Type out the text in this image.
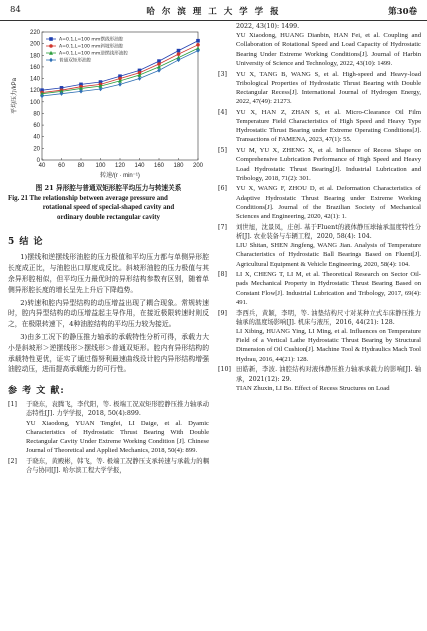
84	哈 尔 滨 理 工 大 学 学 报	第30卷
0
20
40
60
80
100
120
140
160
180
200
220
40 60 80 100 120 140 160 180 200
转速/(r · min⁻¹)
平均压力/kPa
A=0.1,L=100 mm摆线形油腔
A=0.1,L=100 mm斜坡形油腔
A=0.1,L=100 mm逆摆线形油腔
普通双矩形油腔

图 21 异形腔与普通双矩形腔平均压力与转速关系

Fig. 21 The relationship between average pressure and

rotational speed of special-shaped cavity and

ordinary double rectangular cavity

5 结 论

1)摆线和逆摆线形油腔的压力极值和平均压力都与单侧异形腔长度成正比，与油腔出口厚度成反比。斜坡形油腔的压力极值与其余异形腔相似，但平均压力最优时的异形结构参数有区别，随着单侧异形腔长度的增长呈先上升后下降趋势。

2)转速和腔内异型结构的动压增益出现了耦合现象。常规转速时，腔内异型结构的动压增益起主导作用，在接近极限转速时则反之，在极限转速下，4种油腔结构的平均压力较为接近。

3)由多工况下的静压推力轴承的承载特性分析可得，承载力大小是斜坡形＞逆摆线形＞摆线形＞普通双矩形。腔内有异形结构的承载特性更优，证实了通过偕努利最速曲线设计腔内异形结构增强油腔动压，进而提高承载能力的可行性。

参 考 文 献:
[1] 于晓东，袁腾飞，李代阳，等. 极端工况双矩形腔静压推力轴承动态特性[J]. 力学学报，2018, 50(4):899.
YU Xiaodong, YUAN Tengfei, LI Daige, et al. Dyamic Characteristics of Hydrostatic Thrust Bearing With Double Rectangular Cavity Under Extreme Working Condition [J]. Chinese Journal of Theoretical and Applied Mechanics, 2018, 50(4): 899.
[2] 于晓东，黄殿彬，韩飞，等. 极端工况静压支承转速与承载力的耦合与协同[J]. 哈尔滨工程大学学报，
2022, 43(10): 1499.
YU Xiaodong, HUANG Dianbin, HAN Fei, et al. Coupling and Collaboration of Rotational Speed and Load Capacity of Hydrostatic Bearing Under Extreme Working Conditions[J]. Journal of Harbin University of Science and Technology, 2022, 43(10): 1499.
[3] YU X, TANG B, WANG S, et al. High-speed and Heavy-load Tribological Properties of Hydrostatic Thrust Bearing with Double Rectangular Recess[J]. International Journal of Hydrogen Energy, 2022, 47(49): 21273.
[4] YU X, HAN Z, ZHAN S, et al. Micro-Clearance Oil Film Temperature Field Characteristics of High Speed and Heavy Type Hydrostatic Thrust Bearing under Extreme Operating Conditions[J]. Transactions of FAMENA, 2023, 47(1): 55.
[5] YU M, YU X, ZHENG X, et al. Influence of Recess Shape on Comprehensive Lubrication Performance of High Speed and Heavy Load Hydrostatic Thrust Bearing[J]. Industrial Lubrication and Tribology, 2018, 71(2): 301.
[6] YU X, WANG F, ZHOU D, et al. Deformation Characteristics of Adaptive Hydrostatic Thrust Bearing under Extreme Working Conditions[J]. Journal of the Brazilian Society of Mechanical Sciences and Engineering, 2020, 42(1): 1.
[7] 刘世旭，沈景凤，庄创. 基于Fluent的液体静压球轴承温度特性分析[J]. 农业装备与车辆工程，2020, 58(4): 104.
LIU Shitan, SHEN Jingfeng, WANG Jian. Analysis of Temperature Characteristics of Hydrostatic Ball Bearings Based on Fluent[J]. Agricultural Equipment & Vehicle Engineering, 2020, 58(4): 104.
[8] LI X, CHENG T, LI M, et al. Theoretical Research on Sector Oil-pads Mechanical Property in Hydrostatic Thrust Bearing Based on Constant Flow[J]. Industrial Lubrication and Tribology, 2017, 69(4): 491.
[9] 李西兵，黄颖，李明，等. 油垫结构尺寸对某种立式车床静压推力轴承的温度场影响[J]. 机床与液压，2016, 44(21): 128.
LI Xibing, HUANG Ying, LI Ming, et al. Influences on Temperature Field of a Vertical Lathe Hydrostatic Thrust Bearing by Structural Dimension of Oil Cushion[J]. Machine Tool & Hydraulics Mach Tool Hydrau, 2016, 44(21): 128.
[10] 田皓新，李波. 油腔结构对液体静压推力轴承承载力的影响[J]. 轴承，2021(12): 29.
TIAN Zhuxin, LI Bo. Effect of Recess Structures on Load
